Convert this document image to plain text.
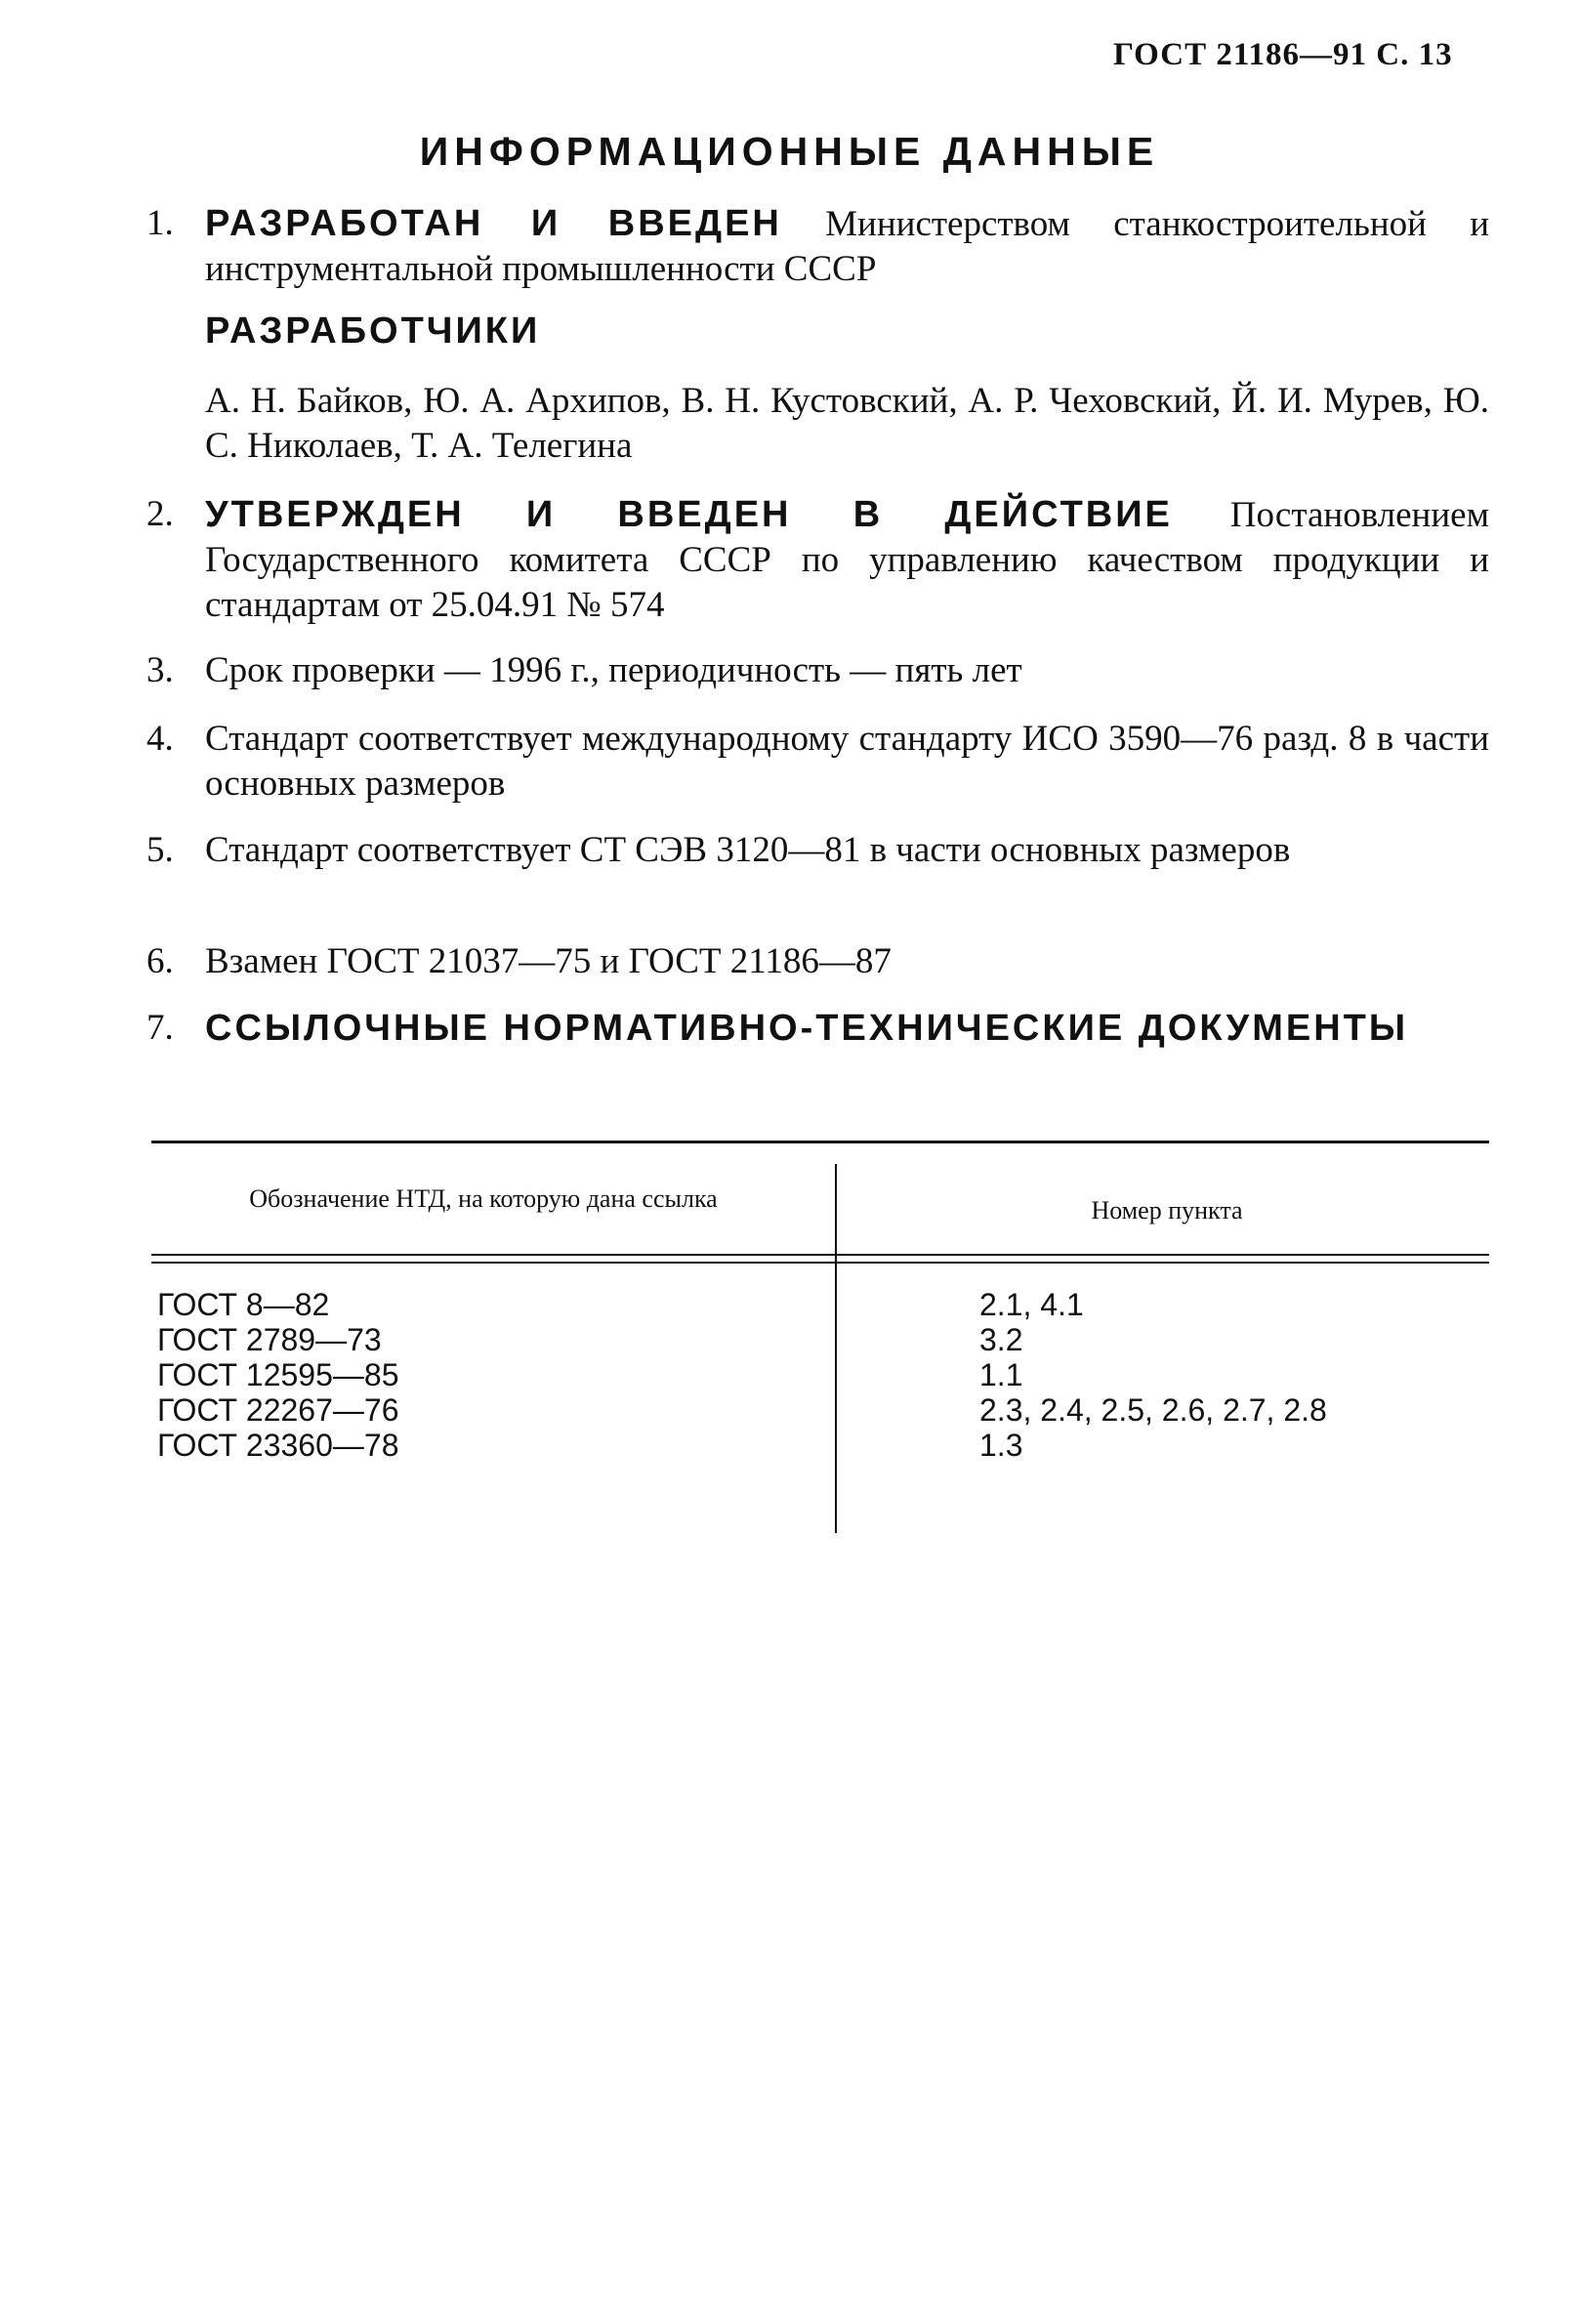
ГОСТ 21186—91 С. 13
ИНФОРМАЦИОННЫЕ ДАННЫЕ
1. РАЗРАБОТАН И ВВЕДЕН Министерством станкостроительной и инструментальной промышленности СССР
РАЗРАБОТЧИКИ
А. Н. Байков, Ю. А. Архипов, В. Н. Кустовский, А. Р. Чеховский, Й. И. Мурев, Ю. С. Николаев, Т. А. Телегина
2. УТВЕРЖДЕН И ВВЕДЕН В ДЕЙСТВИЕ Постановлением Государственного комитета СССР по управлению качеством продукции и стандартам от 25.04.91 № 574
3. Срок проверки — 1996 г., периодичность — пять лет
4. Стандарт соответствует международному стандарту ИСО 3590—76 разд. 8 в части основных размеров
5. Стандарт соответствует СТ СЭВ 3120—81 в части основных размеров
6. Взамен ГОСТ 21037—75 и ГОСТ 21186—87
7. ССЫЛОЧНЫЕ НОРМАТИВНО-ТЕХНИЧЕСКИЕ ДОКУМЕНТЫ
Обозначение НТД, на которую дана ссылка	Номер пункта
ГОСТ 8—82	2.1, 4.1
ГОСТ 2789—73	3.2
ГОСТ 12595—85	1.1
ГОСТ 22267—76	2.3, 2.4, 2.5, 2.6, 2.7, 2.8
ГОСТ 23360—78	1.3
